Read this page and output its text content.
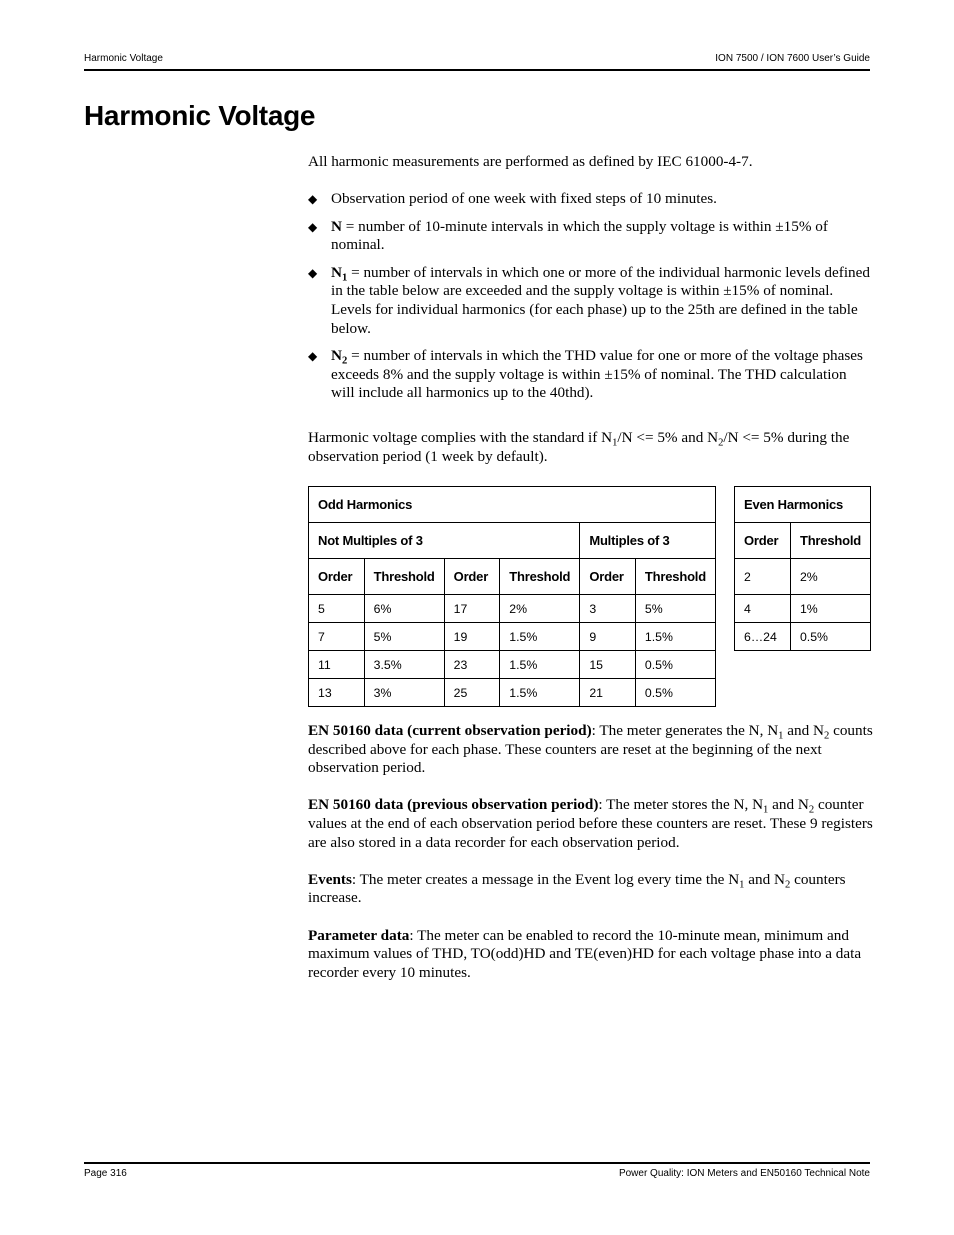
Harmonic Voltage	ION 7500 / ION 7600 User’s Guide
Harmonic Voltage

All harmonic measurements are performed as defined by IEC 61000-4-7.

◆ Observation period of one week with fixed steps of 10 minutes.
◆ N = number of 10-minute intervals in which the supply voltage is within ±15% of nominal.
◆ $N_1$ = number of intervals in which one or more of the individual harmonic levels defined in the table below are exceeded and the supply voltage is within ±15% of nominal. Levels for individual harmonics (for each phase) up to the 25th are defined in the table below.
◆ $N_2$ = number of intervals in which the THD value for one or more of the voltage phases exceeds 8% and the supply voltage is within ±15% of nominal. The THD calculation will include all harmonics up to the 40thd).

Harmonic voltage complies with the standard if $N_1/N <= 5\%$ and $N_2/N <= 5\%$ during the observation period (1 week by default).

Odd Harmonics					
Not Multiples of 3				Multiples of 3	
Order	Threshold	Order	Threshold	Order	Threshold
5	6%	17	2%	3	5%
7	5%	19	1.5%	9	1.5%
11	3.5%	23	1.5%	15	0.5%
13	3%	25	1.5%	21	0.5%
Even Harmonics	
Order	Threshold
2	2%
4	1%
6…24	0.5%

EN 50160 data (current observation period): The meter generates the N, $N_1$ and $N_2$ counts described above for each phase. These counters are reset at the beginning of the next observation period.

EN 50160 data (previous observation period): The meter stores the N, $N_1$ and $N_2$ counter values at the end of each observation period before these counters are reset. These 9 registers are also stored in a data recorder for each observation period.

Events: The meter creates a message in the Event log every time the $N_1$ and $N_2$ counters increase.

Parameter data: The meter can be enabled to record the 10-minute mean, minimum and maximum values of THD, TO(odd)HD and TE(even)HD for each voltage phase into a data recorder every 10 minutes.

Page 316	Power Quality: ION Meters and EN50160 Technical Note
